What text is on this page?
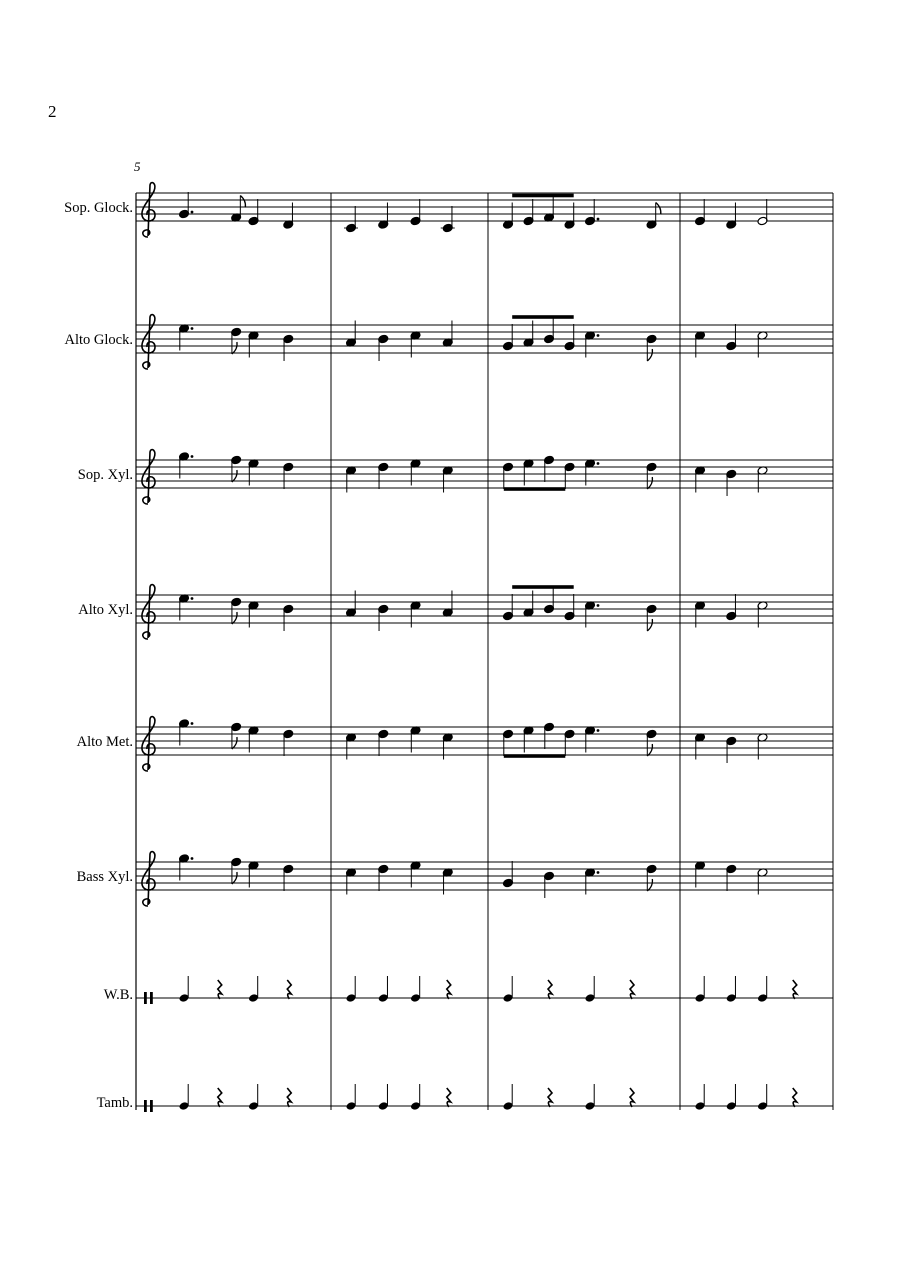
2
5
Sop. Glock.
Alto Glock.
Sop. Xyl.
Alto Xyl.
Alto Met.
Bass Xyl.
W.B.
Tamb.
